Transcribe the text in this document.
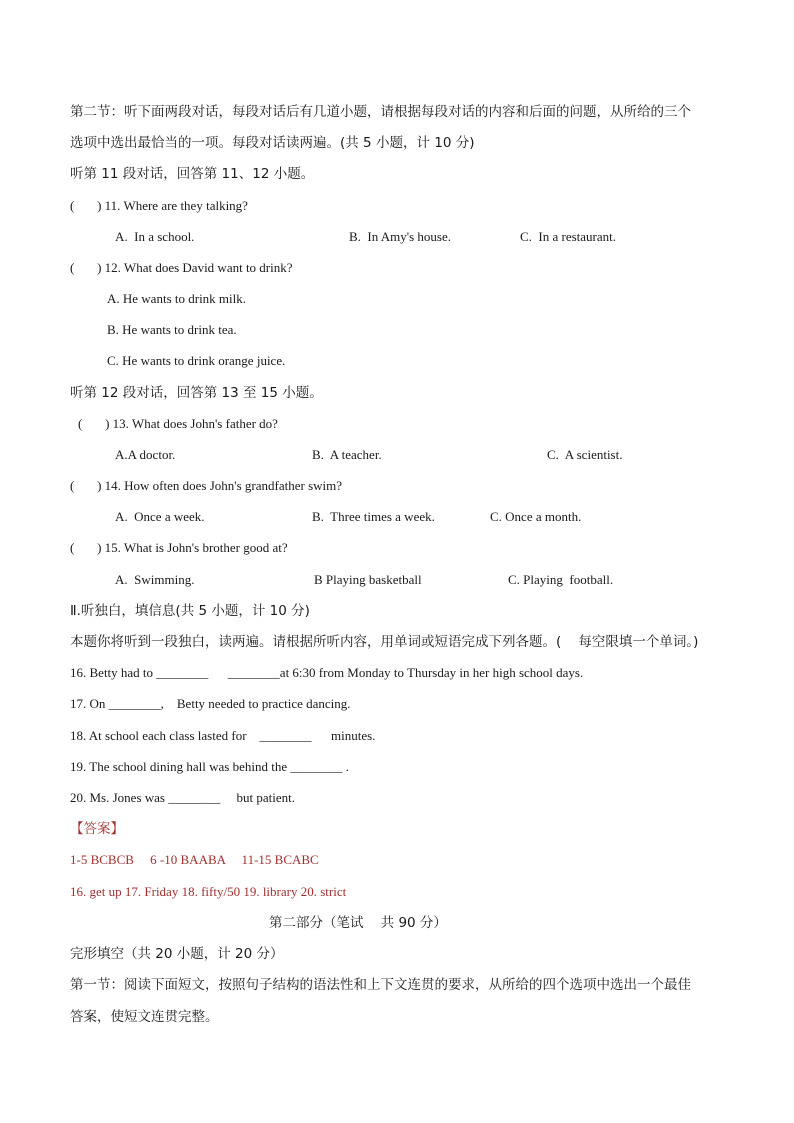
第二节：听下面两段对话，每段对话后有几道小题，请根据每段对话的内容和后面的问题，从所给的三个
选项中选出最恰当的一项。每段对话读两遍。(共 5 小题，计 10 分)
听第 11 段对话，回答第 11、12 小题。
(       ) 11. Where are they talking?
A.  In a school.	B.  In Amy's house.	C.  In a restaurant.
(       ) 12. What does David want to drink?
A. He wants to drink milk.
B. He wants to drink tea.
C. He wants to drink orange juice.
听第 12 段对话，回答第 13 至 15 小题。
(       ) 13. What does John's father do?
A.A doctor.	B.  A teacher.	C.  A scientist.
(       ) 14. How often does John's grandfather swim?
A.  Once a week.	B.  Three times a week.	C. Once a month.
(       ) 15. What is John's brother good at?
A.  Swimming.	B Playing basketball	C. Playing  football.
Ⅱ.听独白，填信息(共 5 小题，计 10 分)
本题你将听到一段独白，读两遍。请根据所听内容，用单词或短语完成下列各题。(    每空限填一个单词。)
16. Betty had to ________      ________at 6:30 from Monday to Thursday in her high school days.
17. On ________,    Betty needed to practice dancing.
18. At school each class lasted for    ________      minutes.
19. The school dining hall was behind the ________ .
20. Ms. Jones was ________     but patient.
【答案】
1-5 BCBCB     6 -10 BAABA     11-15 BCABC
16. get up 17. Friday 18. fifty/50 19. library 20. strict
第二部分（笔试    共 90 分）
完形填空（共 20 小题，计 20 分）
第一节：阅读下面短文，按照句子结构的语法性和上下文连贯的要求，从所给的四个选项中选出一个最佳
答案，使短文连贯完整。
